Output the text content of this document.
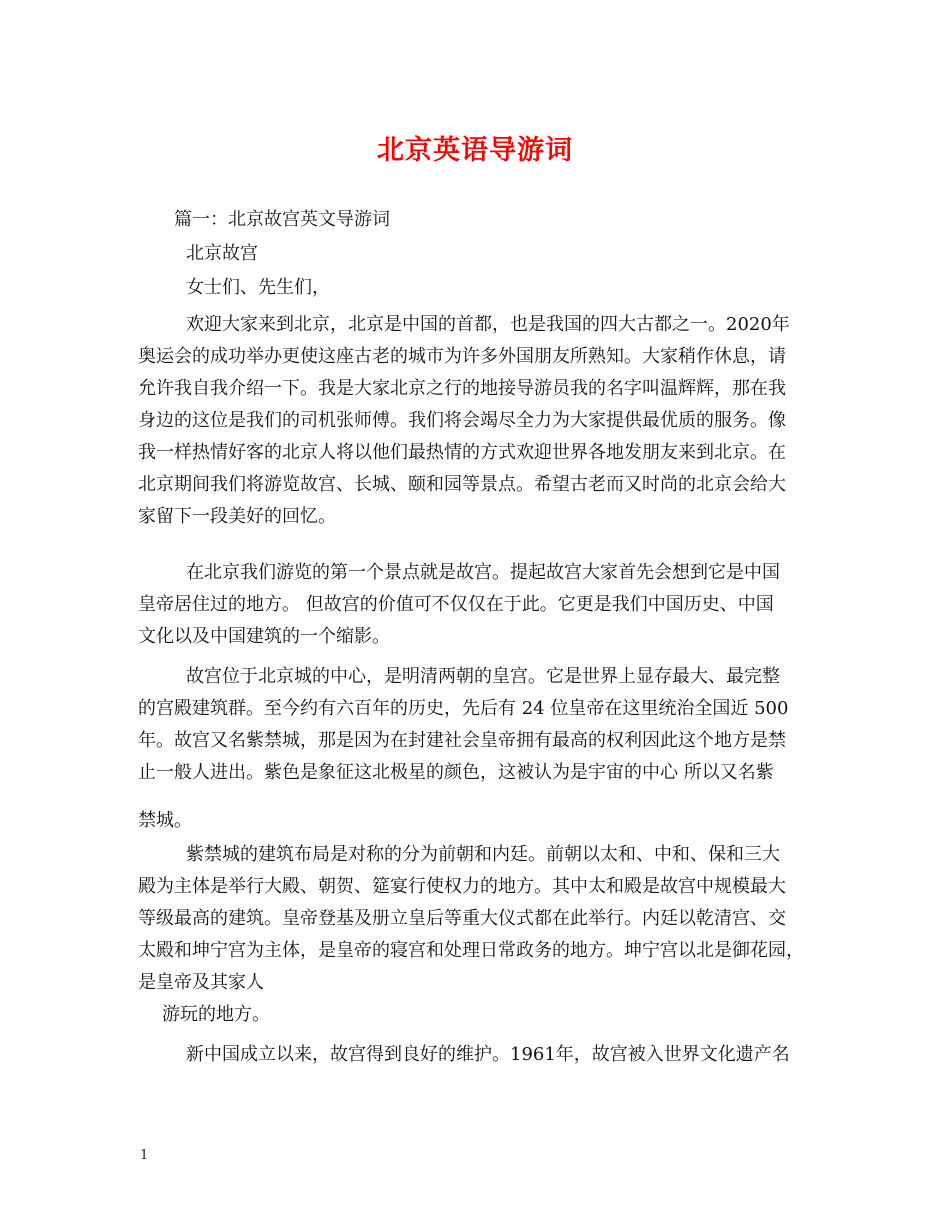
北京英语导游词
篇一：北京故宫英文导游词
北京故宫
女士们、先生们，
欢迎大家来到北京，北京是中国的首都，也是我国的四大古都之一。2020年
奥运会的成功举办更使这座古老的城市为许多外国朋友所熟知。大家稍作休息，请
允许我自我介绍一下。我是大家北京之行的地接导游员我的名字叫温辉辉，那在我
身边的这位是我们的司机张师傅。我们将会竭尽全力为大家提供最优质的服务。像
我一样热情好客的北京人将以他们最热情的方式欢迎世界各地发朋友来到北京。在
北京期间我们将游览故宫、长城、颐和园等景点。希望古老而又时尚的北京会给大
家留下一段美好的回忆。
在北京我们游览的第一个景点就是故宫。提起故宫大家首先会想到它是中国
皇帝居住过的地方。 但故宫的价值可不仅仅在于此。它更是我们中国历史、中国
文化以及中国建筑的一个缩影。
故宫位于北京城的中心，是明清两朝的皇宫。它是世界上显存最大、最完整
的宫殿建筑群。至今约有六百年的历史，先后有 24 位皇帝在这里统治全国近 500
年。故宫又名紫禁城，那是因为在封建社会皇帝拥有最高的权利因此这个地方是禁
止一般人进出。紫色是象征这北极星的颜色，这被认为是宇宙的中心 所以又名紫
禁城。
紫禁城的建筑布局是对称的分为前朝和内廷。前朝以太和、中和、保和三大
殿为主体是举行大殿、朝贺、筵宴行使权力的地方。其中太和殿是故宫中规模最大
等级最高的建筑。皇帝登基及册立皇后等重大仪式都在此举行。内廷以乾清宫、交
太殿和坤宁宫为主体，是皇帝的寝宫和处理日常政务的地方。坤宁宫以北是御花园，
是皇帝及其家人
游玩的地方。
新中国成立以来，故宫得到良好的维护。1961年，故宫被入世界文化遗产名
1
